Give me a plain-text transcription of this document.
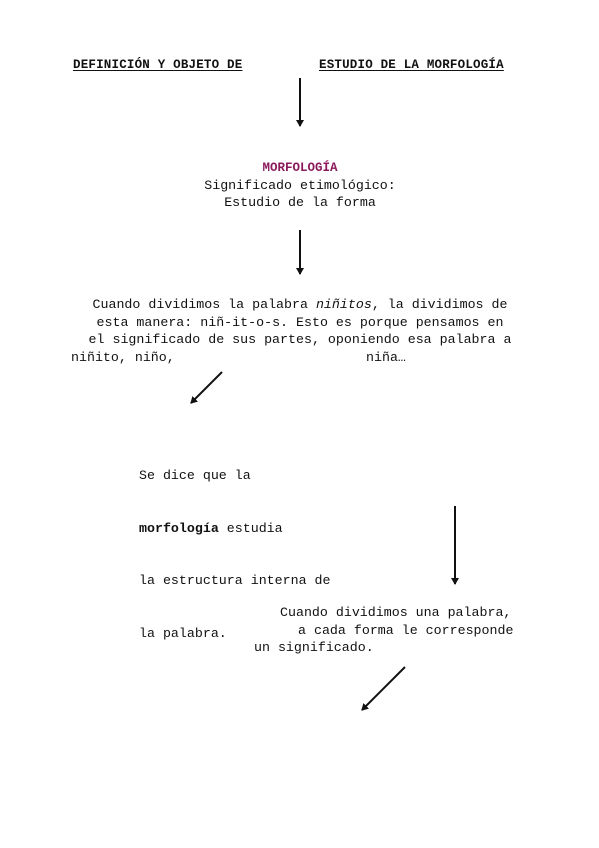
DEFINICIÓN Y OBJETO DE	ESTUDIO DE LA MORFOLOGÍA
MORFOLOGÍA
Significado etimológico:
Estudio de la forma
Cuando dividimos la palabra niñitos, la dividimos de
esta manera: niñ-it-o-s. Esto es porque pensamos en
el significado de sus partes, oponiendo esa palabra a
niñito, niño,	niña…

Se dice que la

morfología estudia

la estructura interna de

la palabra.

Cuando dividimos una palabra,
a cada forma le corresponde
un significado.
